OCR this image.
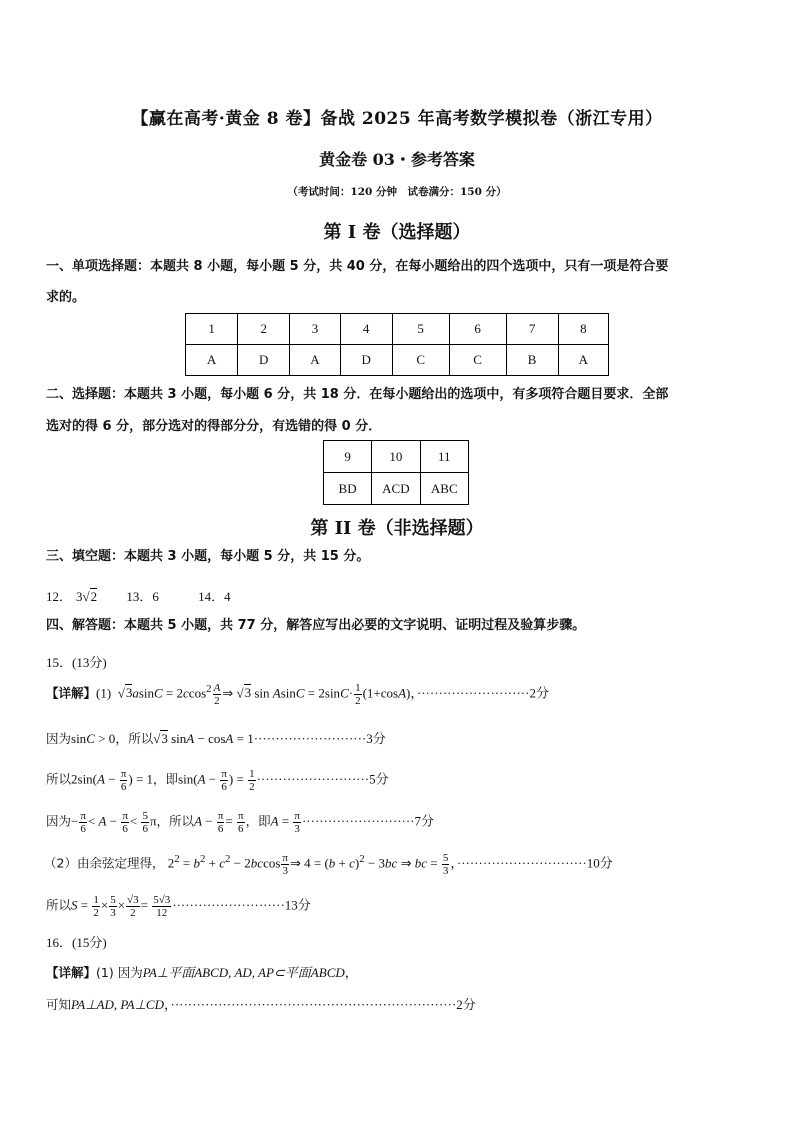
【赢在高考·黄金 8 卷】备战 2025 年高考数学模拟卷（浙江专用）
黄金卷 03・参考答案
（考试时间：120 分钟　试卷满分：150 分）
第 I 卷（选择题）
一、单项选择题：本题共 8 小题，每小题 5 分，共 40 分，在每小题给出的四个选项中，只有一项是符合要
求的。
1	2	3	4	5	6	7	8
A	D	A	D	C	C	B	A
二、选择题：本题共 3 小题，每小题 6 分，共 18 分．在每小题给出的选项中，有多项符合题目要求．全部
选对的得 6 分，部分选对的得部分分，有选错的得 0 分．
9	10	11
BD	ACD	ABC
第 II 卷（非选择题）
三、填空题：本题共 3 小题，每小题 5 分，共 15 分。
12． 3√2 13．6	14．4
四、解答题：本题共 5 小题，共 77 分，解答应写出必要的文字说明、证明过程及验算步骤。
15．(13分)
【详解】(1)  $√3asinC = 2ccos^2 \frac{A}{2}$ ⇒ √3 $\sin AsinC = 2\sin C\cdot \frac{1}{2} (1+\cos A)$，··························2分
因为sinC > 0，所以√3 sinA − cosA = 1··························3分
所以$2\sin(A - \frac{\pi}{6}$ ) = 1，即$\sin(A - \frac{\pi}{6}$ ) = $\frac{1}{2} \cdot\cdot\cdot\cdot\cdot\cdot\cdot\cdot\cdot\cdot\cdot\cdot\cdot\cdot\cdot\cdot\cdot\cdot\cdot\cdot\cdot\cdot\cdot\cdot\cdot\cdot 5$分
因为− $\frac{\pi}{6} < A - \frac{\pi}{6} < \frac{5}{6}$ π，所以$A - \frac{\pi}{6} = \frac{\pi}{6}$ ，即$A = \frac{\pi}{3} \cdot\cdot\cdot\cdot\cdot\cdot\cdot\cdot\cdot\cdot\cdot\cdot\cdot\cdot\cdot\cdot\cdot\cdot\cdot\cdot\cdot\cdot\cdot\cdot\cdot\cdot 7$分
（2）由余弦定理得， $2^2 = b^2 + c^2 - 2bccos \frac{\pi}{3}$ ⇒ $4 = (b + c)^2 - 3bc$ ⇒ bc = $\frac{5}{3}$ ，······························10分
所以$S = \frac{1}{2} \times \frac{5}{3} \times \frac{√3}{2} = \frac{5√3}{12} \cdot\cdot\cdot\cdot\cdot\cdot\cdot\cdot\cdot\cdot\cdot\cdot\cdot\cdot\cdot\cdot\cdot\cdot\cdot\cdot\cdot\cdot\cdot\cdot\cdot\cdot 13$分
16．(15分)
【详解】(1) 因为PA⊥平面ABCD, AD, AP⊂平面ABCD，
可知PA⊥AD, PA⊥CD，··································································2分
